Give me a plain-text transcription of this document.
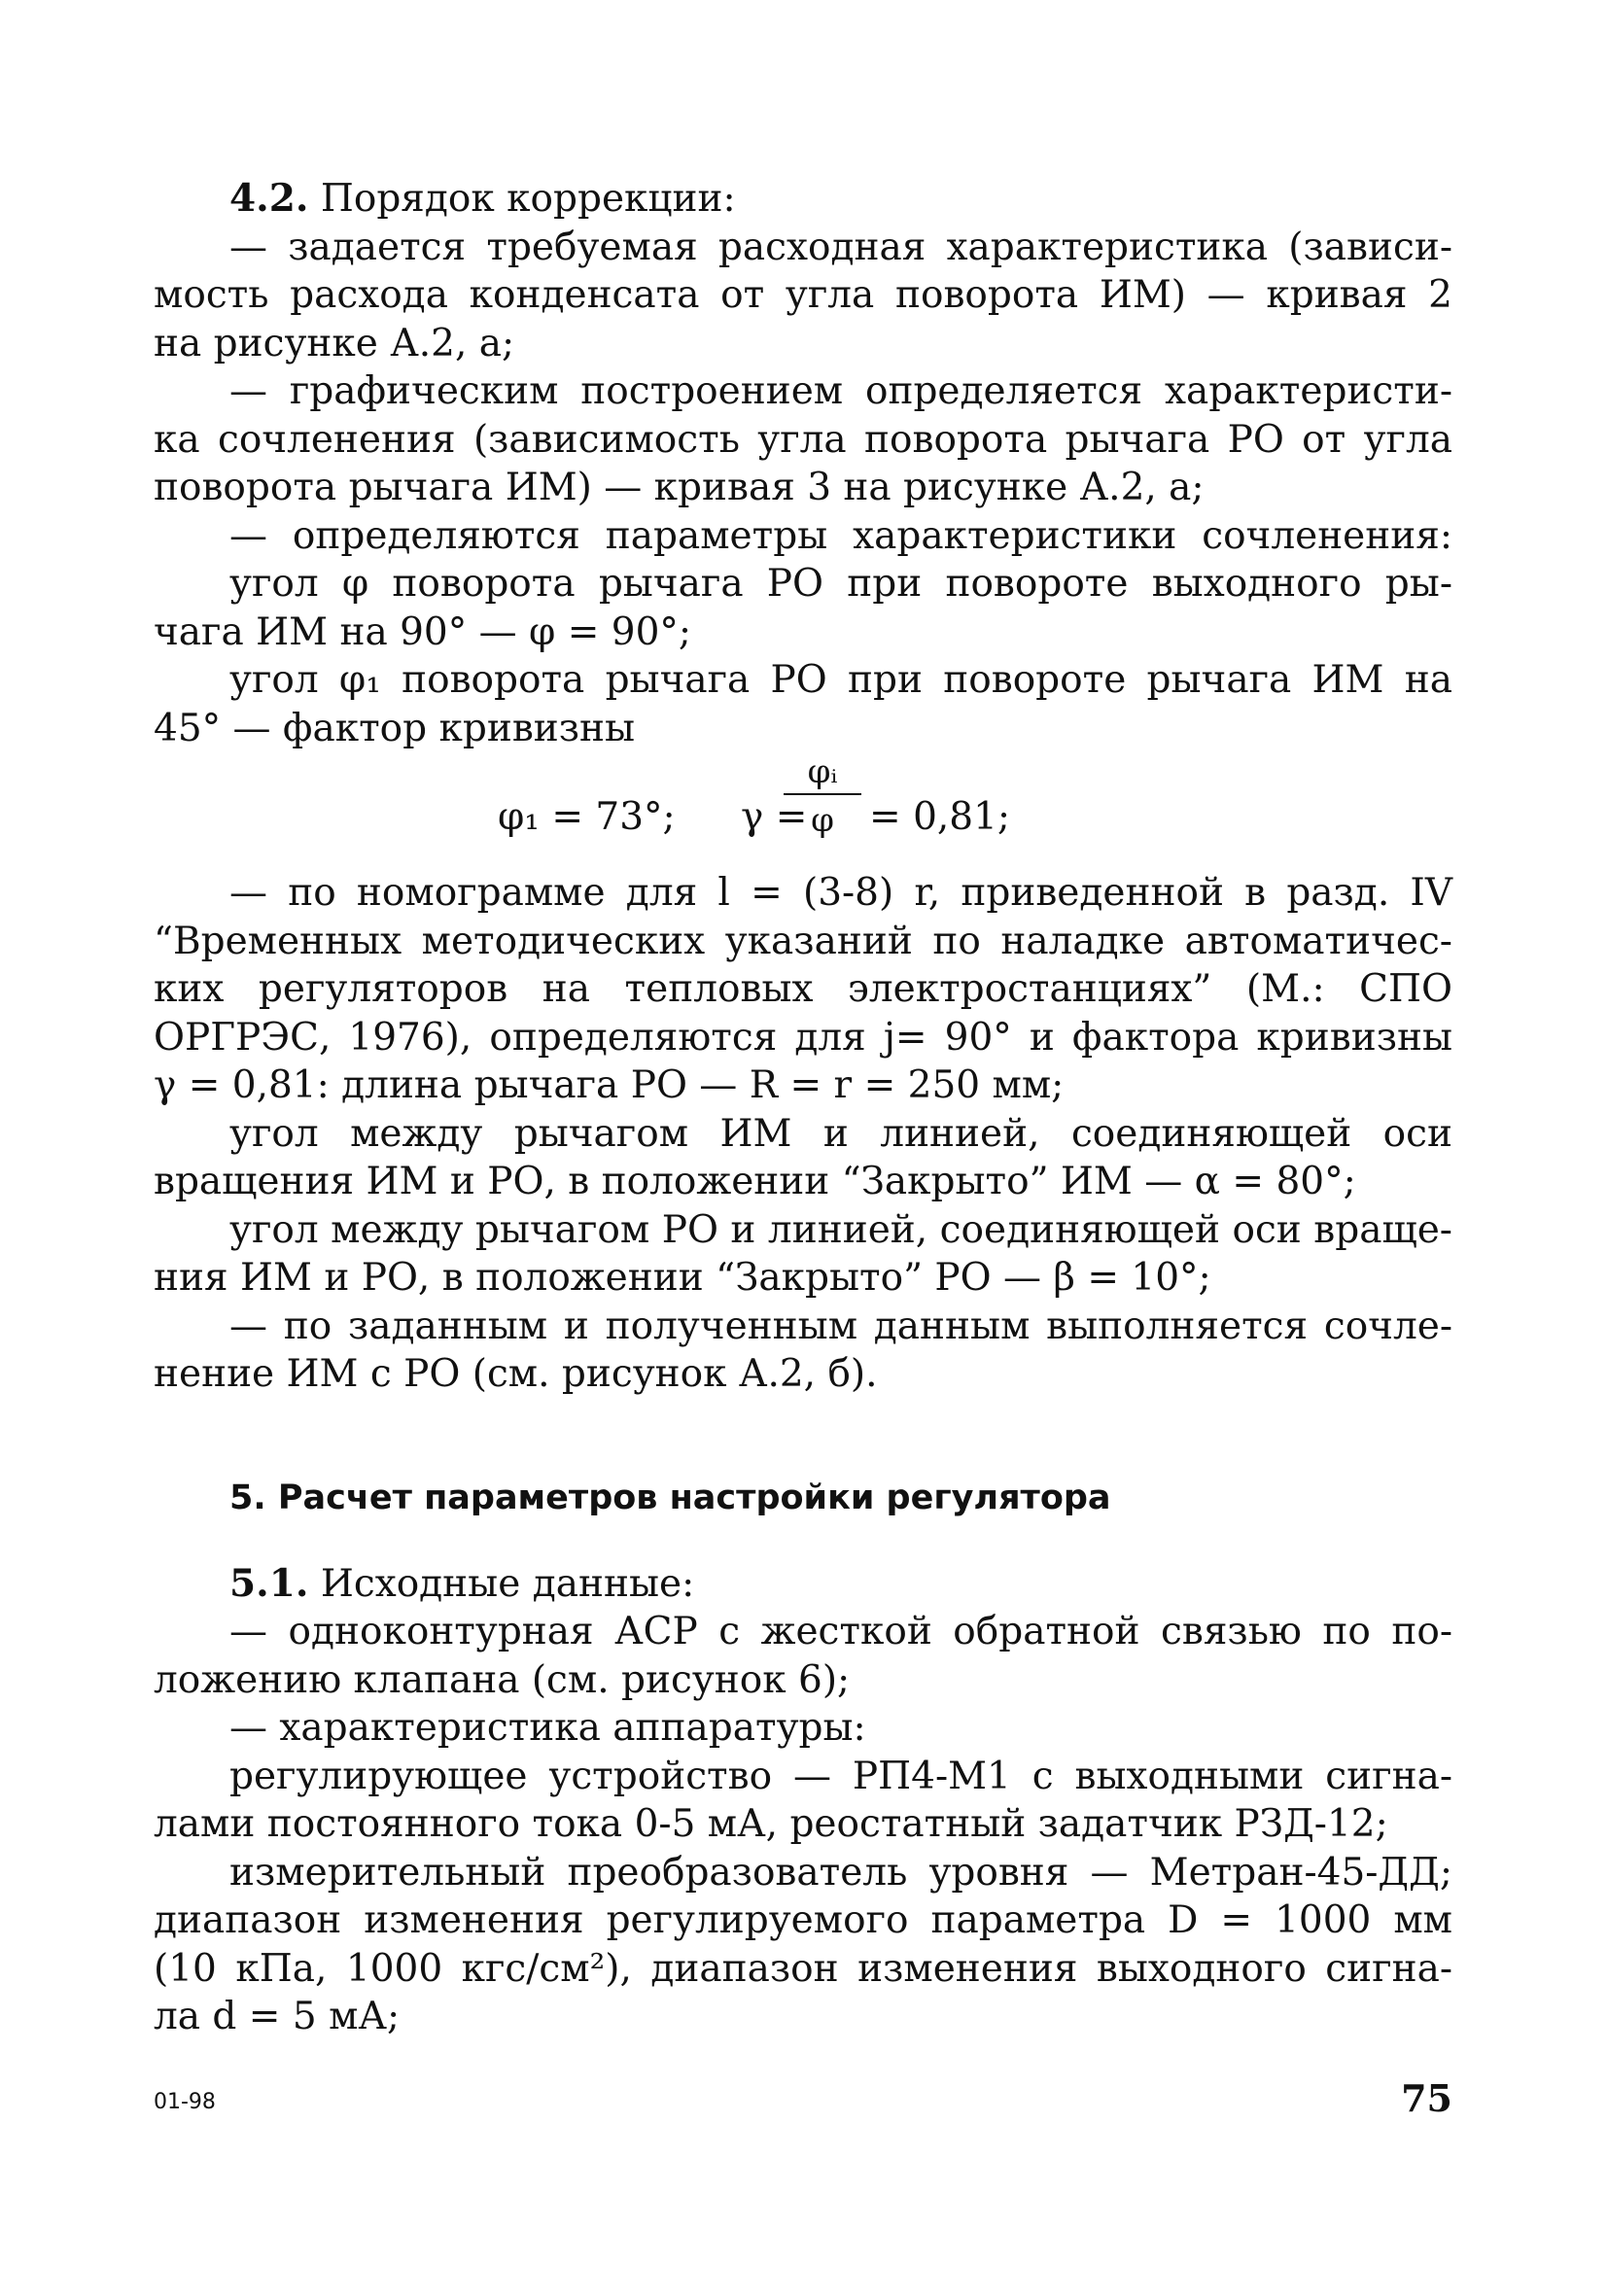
4.2. Порядок коррекции:
— задается требуемая расходная характеристика (зависи-
мость расхода конденсата от угла поворота ИМ) — кривая 2
на рисунке А.2, а;
— графическим построением определяется характеристи-
ка сочленения (зависимость угла поворота рычага РО от угла
поворота рычага ИМ) — кривая 3 на рисунке А.2, а;
— определяются параметры характеристики сочленения:
угол φ поворота рычага РО при повороте выходного ры-
чага ИМ на 90° — φ = 90°;
угол φ₁ поворота рычага РО при повороте рычага ИМ на
45° — фактор кривизны
φ₁ = 73°; γ =
$\frac{\text{φᵢ}}{\varphi} = 0,81$;
— по номограмме для l = (3-8) r, приведенной в разд. IV
“Временных методических указаний по наладке автоматичес-
ких регуляторов на тепловых электростанциях” (М.: СПО
ОРГРЭС, 1976), определяются для j= 90° и фактора кривизны
γ = 0,81: длина рычага РО — R = r = 250 мм;
угол между рычагом ИМ и линией, соединяющей оси
вращения ИМ и РО, в положении “Закрыто” ИМ — α = 80°;
угол между рычагом РО и линией, соединяющей оси враще-
ния ИМ и РО, в положении “Закрыто” РО — β = 10°;
— по заданным и полученным данным выполняется сочле-
нение ИМ с РО (см. рисунок А.2, б).
5. Расчет параметров настройки регулятора
5.1. Исходные данные:
— одноконтурная АСР с жесткой обратной связью по по-
ложению клапана (см. рисунок 6);
— характеристика аппаратуры:
регулирующее устройство — РП4-М1 с выходными сигна-
лами постоянного тока 0-5 мА, реостатный задатчик РЗД-12;
измерительный преобразователь уровня — Метран-45-ДД;
диапазон изменения регулируемого параметра D = 1000 мм
(10 кПа, 1000 кгс/см²), диапазон изменения выходного сигна-
ла d = 5 мА;
01-98	75
